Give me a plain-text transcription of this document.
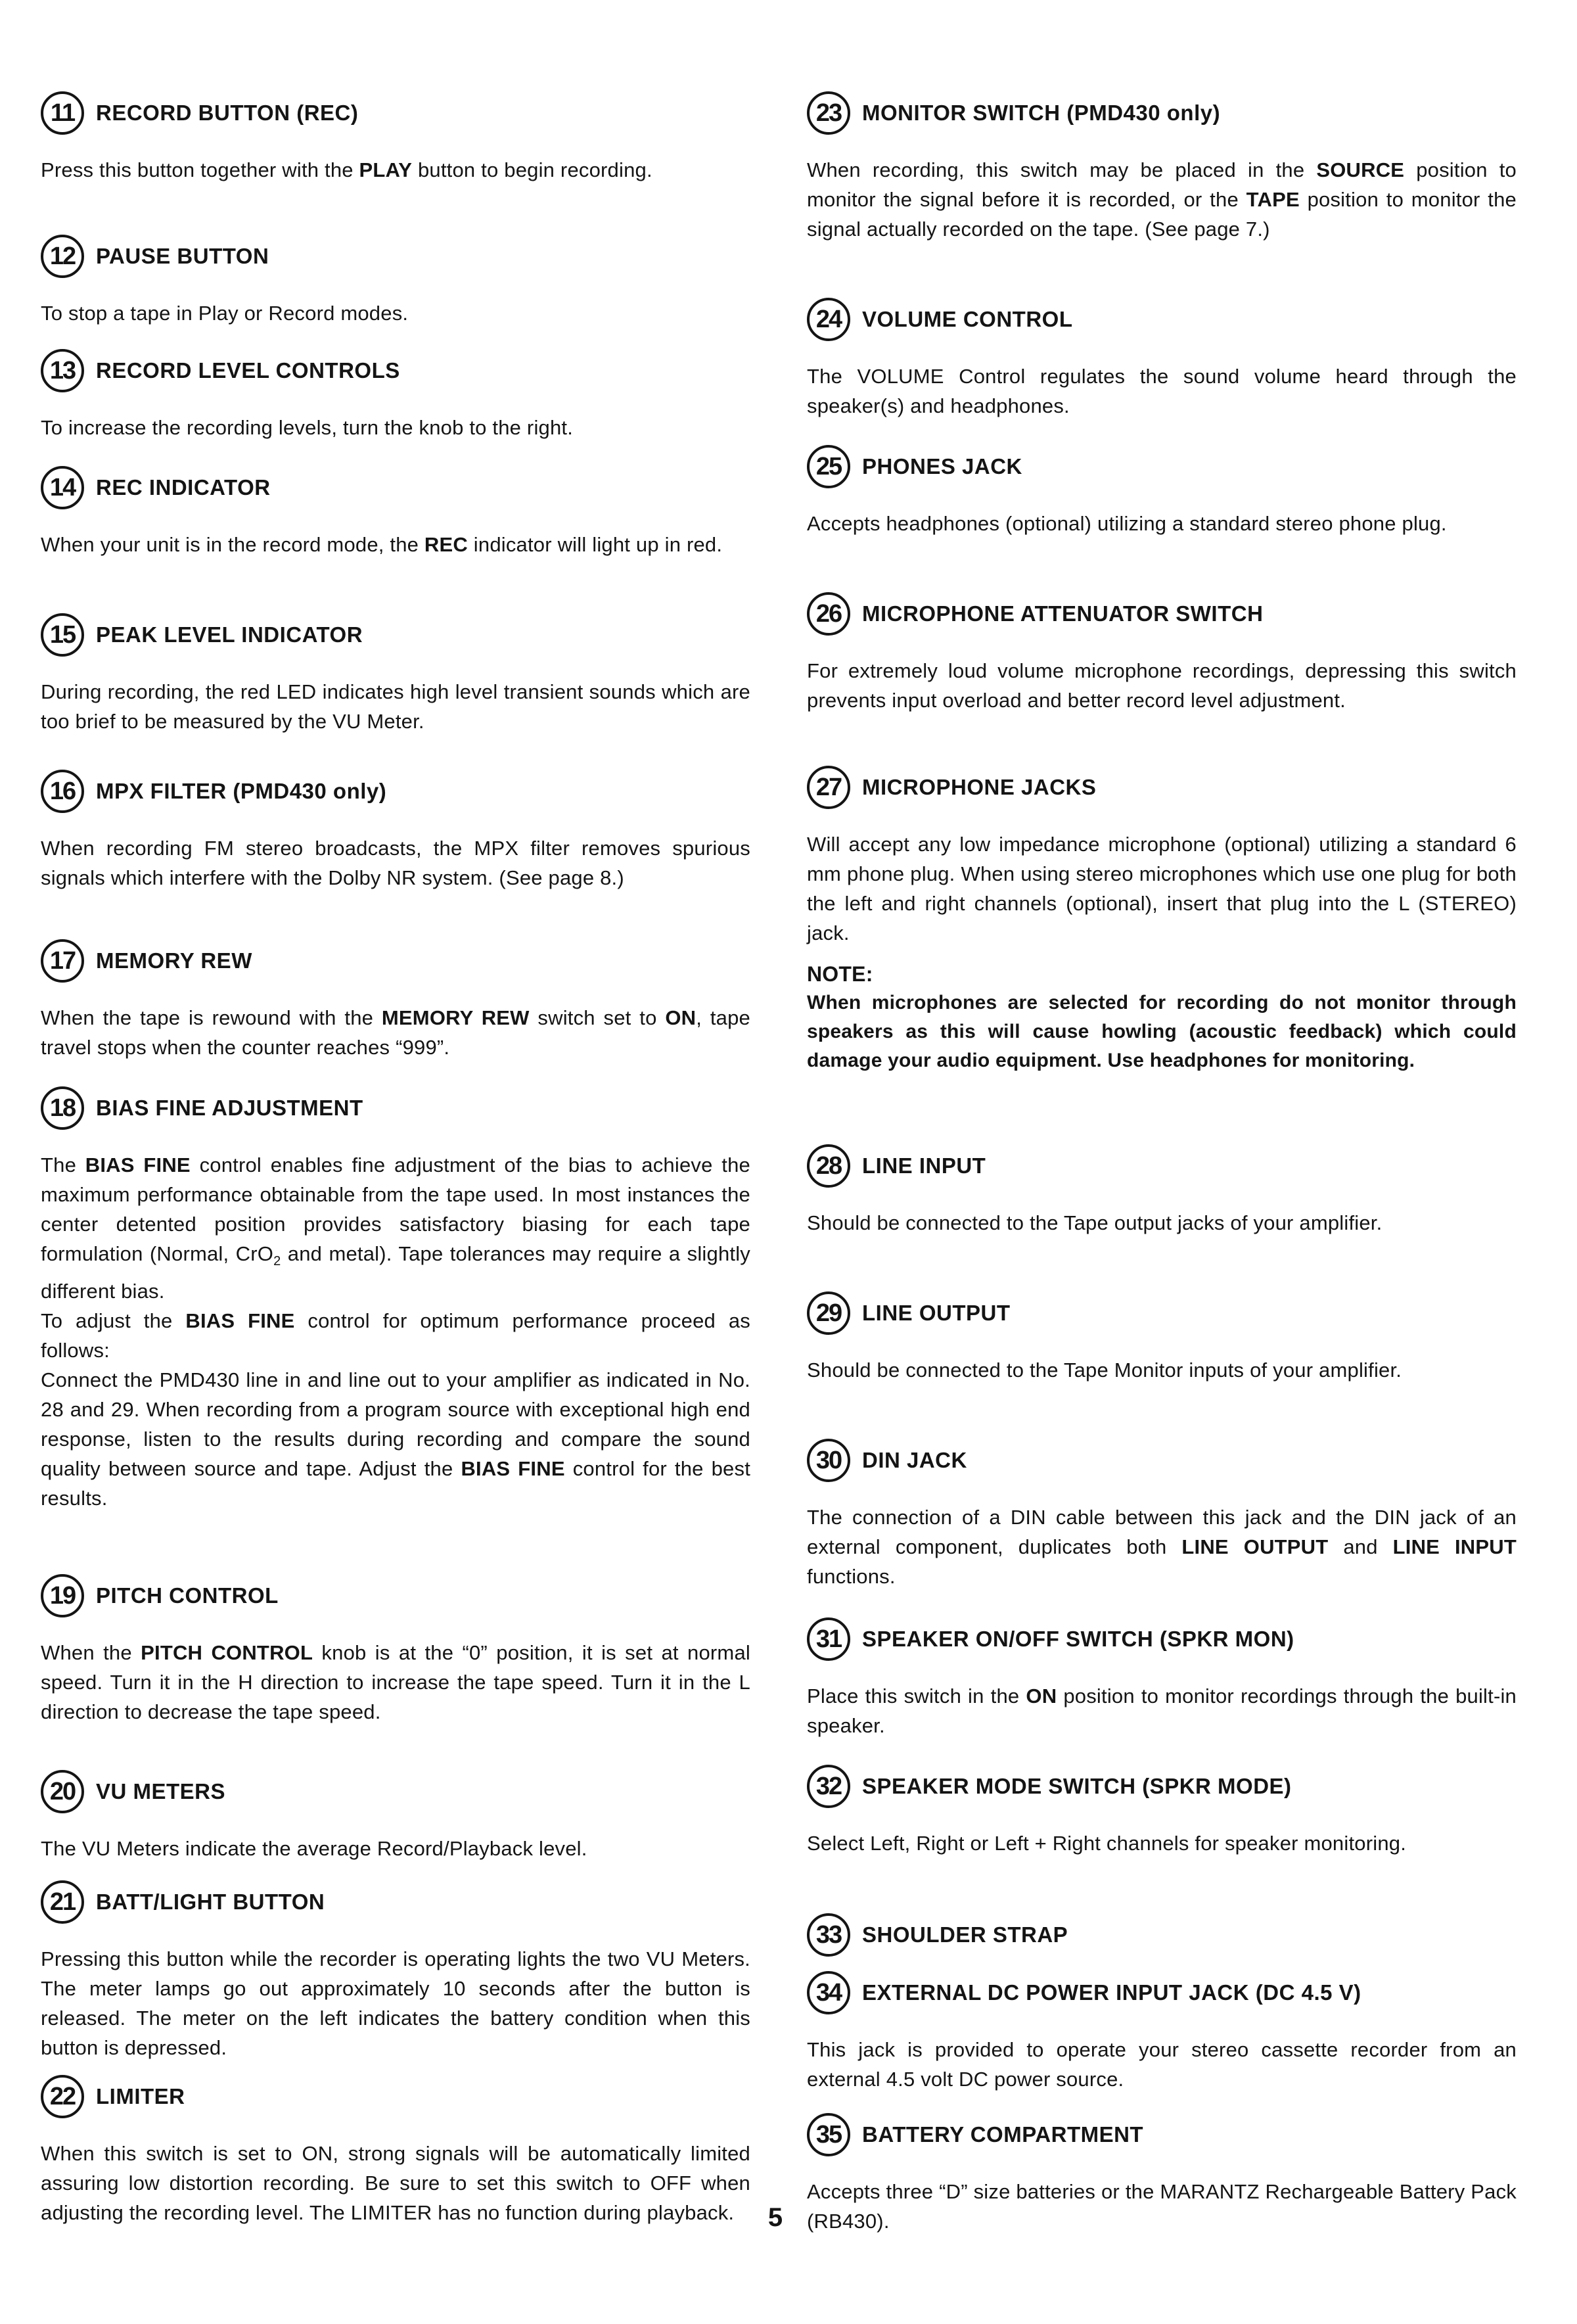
11 RECORD BUTTON (REC)
Press this button together with the PLAY button to begin recording.
12 PAUSE BUTTON
To stop a tape in Play or Record modes.
13 RECORD LEVEL CONTROLS
To increase the recording levels, turn the knob to the right.
14 REC INDICATOR
When your unit is in the record mode, the REC indicator will light up in red.
15 PEAK LEVEL INDICATOR
During recording, the red LED indicates high level transient sounds which are too brief to be measured by the VU Meter.
16 MPX FILTER (PMD430 only)
When recording FM stereo broadcasts, the MPX filter removes spurious signals which interfere with the Dolby NR system. (See page 8.)
17 MEMORY REW
When the tape is rewound with the MEMORY REW switch set to ON, tape travel stops when the counter reaches “999”.
18 BIAS FINE ADJUSTMENT

The BIAS FINE control enables fine adjustment of the bias to achieve the maximum performance obtainable from the tape used. In most instances the center detented position provides satisfactory biasing for each tape formulation (Normal, CrO$_2$ and metal). Tape tolerances may require a slightly different bias.

To adjust the BIAS FINE control for optimum performance proceed as follows:

Connect the PMD430 line in and line out to your amplifier as indicated in No. 28 and 29. When recording from a program source with exceptional high end response, listen to the results during recording and compare the sound quality between source and tape. Adjust the BIAS FINE control for the best results.

19 PITCH CONTROL
When the PITCH CONTROL knob is at the “0” position, it is set at normal speed. Turn it in the H direction to increase the tape speed. Turn it in the L direction to decrease the tape speed.
20 VU METERS
The VU Meters indicate the average Record/Playback level.
21 BATT/LIGHT BUTTON
Pressing this button while the recorder is operating lights the two VU Meters. The meter lamps go out approximately 10 seconds after the button is released. The meter on the left indicates the battery condition when this button is depressed.
22 LIMITER
When this switch is set to ON, strong signals will be automatically limited assuring low distortion recording. Be sure to set this switch to OFF when adjusting the recording level. The LIMITER has no function during playback.
23 MONITOR SWITCH (PMD430 only)
When recording, this switch may be placed in the SOURCE position to monitor the signal before it is recorded, or the TAPE position to monitor the signal actually recorded on the tape. (See page 7.)
24 VOLUME CONTROL
The VOLUME Control regulates the sound volume heard through the speaker(s) and headphones.
25 PHONES JACK
Accepts headphones (optional) utilizing a standard stereo phone plug.
26 MICROPHONE ATTENUATOR SWITCH
For extremely loud volume microphone recordings, depressing this switch prevents input overload and better record level adjustment.
27 MICROPHONE JACKS

Will accept any low impedance microphone (optional) utilizing a standard 6 mm phone plug. When using stereo microphones which use one plug for both the left and right channels (optional), insert that plug into the L (STEREO) jack.

NOTE:

When microphones are selected for recording do not monitor through speakers as this will cause howling (acoustic feedback) which could damage your audio equipment. Use headphones for monitoring.

28 LINE INPUT
Should be connected to the Tape output jacks of your amplifier.
29 LINE OUTPUT
Should be connected to the Tape Monitor inputs of your amplifier.
30 DIN JACK
The connection of a DIN cable between this jack and the DIN jack of an external component, duplicates both LINE OUTPUT and LINE INPUT functions.
31 SPEAKER ON/OFF SWITCH (SPKR MON)
Place this switch in the ON position to monitor recordings through the built-in speaker.
32 SPEAKER MODE SWITCH (SPKR MODE)
Select Left, Right or Left + Right channels for speaker monitoring.
33 SHOULDER STRAP
34 EXTERNAL DC POWER INPUT JACK (DC 4.5 V)
This jack is provided to operate your stereo cassette recorder from an external 4.5 volt DC power source.
35 BATTERY COMPARTMENT
Accepts three “D” size batteries or the MARANTZ Rechargeable Battery Pack (RB430).
5
